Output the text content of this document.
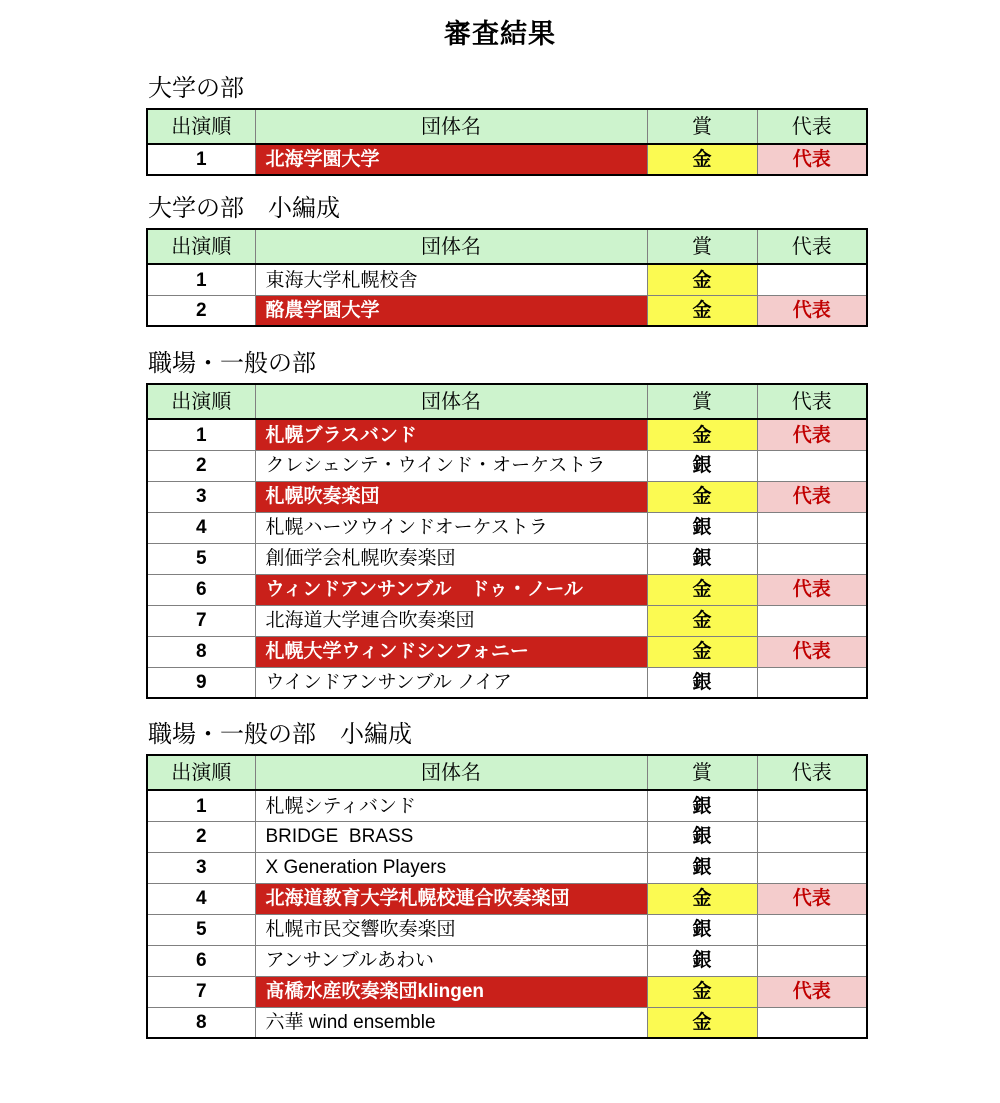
審査結果
大学の部
出演順	団体名	賞	代表
1	北海学園大学	金	代表
大学の部　小編成
出演順	団体名	賞	代表
1	東海大学札幌校舎	金	
2	酪農学園大学	金	代表
職場・一般の部
出演順	団体名	賞	代表
1	札幌ブラスバンド	金	代表
2	クレシェンテ・ウインド・オーケストラ	銀	
3	札幌吹奏楽団	金	代表
4	札幌ハーツウインドオーケストラ	銀	
5	創価学会札幌吹奏楽団	銀	
6	ウィンドアンサンブル　ドゥ・ノール	金	代表
7	北海道大学連合吹奏楽団	金	
8	札幌大学ウィンドシンフォニー	金	代表
9	ウインドアンサンブル ノイア	銀	
職場・一般の部　小編成
出演順	団体名	賞	代表
1	札幌シティバンド	銀	
2	BRIDGE  BRASS	銀	
3	X Generation Players	銀	
4	北海道教育大学札幌校連合吹奏楽団	金	代表
5	札幌市民交響吹奏楽団	銀	
6	アンサンブルあわい	銀	
7	髙橋水産吹奏楽団klingen	金	代表
8	六華 wind ensemble	金	
